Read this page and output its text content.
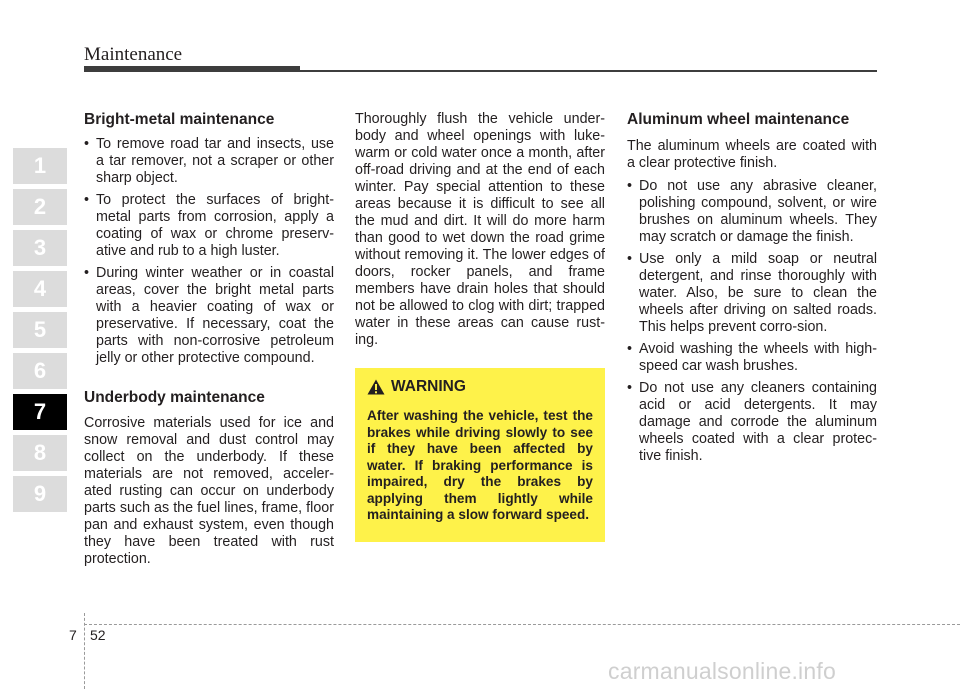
Maintenance
1
2
3
4
5
6
7
8
9
Bright-metal maintenance
• To remove road tar and insects, use a tar remover, not a scraper or other sharp object.
• To protect the surfaces of bright-metal parts from corrosion, apply a coating of wax or chrome preserv-ative and rub to a high luster.
• During winter weather or in coastal areas, cover the bright metal parts with a heavier coating of wax or preservative. If necessary, coat the parts with non-corrosive petroleum jelly or other protective compound.
Underbody maintenance

Corrosive materials used for ice and snow removal and dust control may collect on the underbody. If these materials are not removed, acceler-ated rusting can occur on underbody parts such as the fuel lines, frame, floor pan and exhaust system, even though they have been treated with rust protection.

Thoroughly flush the vehicle under-body and wheel openings with luke-warm or cold water once a month, after off-road driving and at the end of each winter. Pay special attention to these areas because it is difficult to see all the mud and dirt. It will do more harm than good to wet down the road grime without removing it. The lower edges of doors, rocker panels, and frame members have drain holes that should not be allowed to clog with dirt; trapped water in these areas can cause rust-ing.

WARNING
After washing the vehicle, test the brakes while driving slowly to see if they have been affected by water. If braking performance is impaired, dry the brakes by applying them lightly while maintaining a slow forward speed.
Aluminum wheel maintenance

The aluminum wheels are coated with a clear protective finish.

• Do not use any abrasive cleaner, polishing compound, solvent, or wire brushes on aluminum wheels. They may scratch or damage the finish.
• Use only a mild soap or neutral detergent, and rinse thoroughly with water. Also, be sure to clean the wheels after driving on salted roads. This helps prevent corro-sion.
• Avoid washing the wheels with high-speed car wash brushes.
• Do not use any cleaners containing acid or acid detergents. It may damage and corrode the aluminum wheels coated with a clear protec-tive finish.
7 52
carmanualsonline.info
